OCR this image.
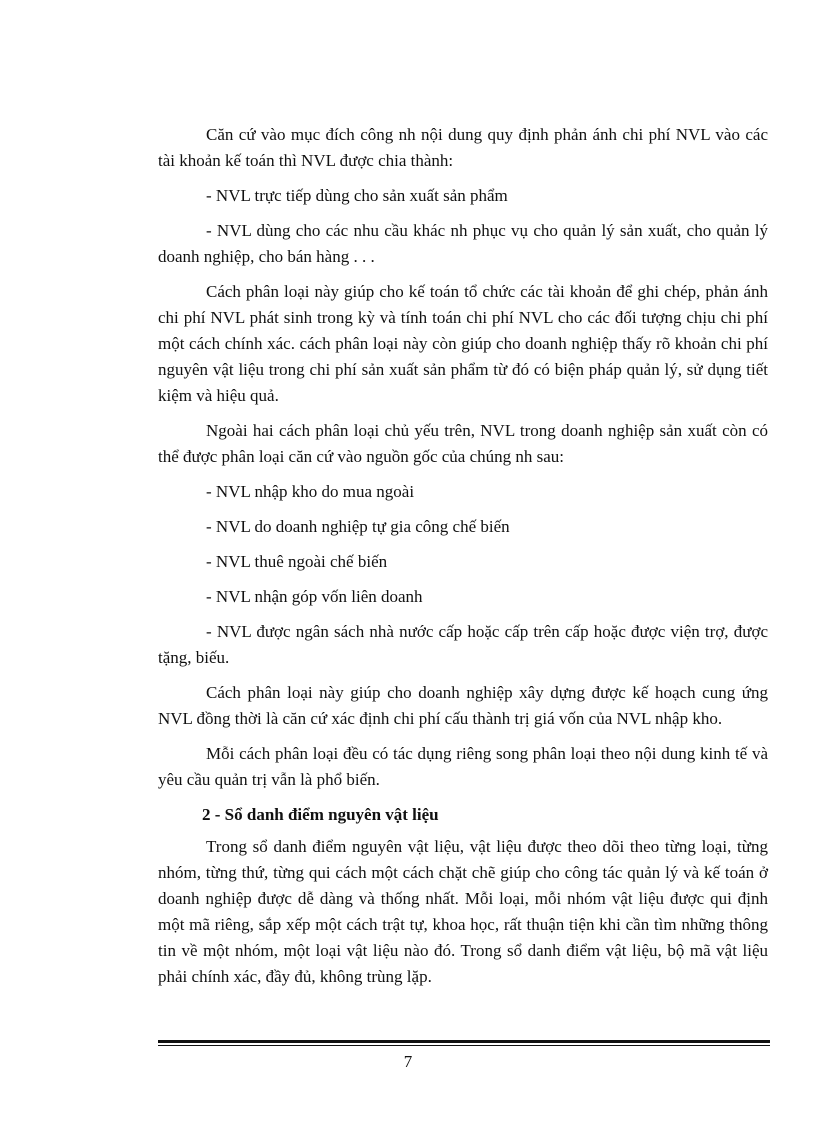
Căn cứ vào mục đích công nh nội dung quy định phản ánh chi phí NVL vào các tài khoản kế toán thì NVL được chia thành:

- NVL trực tiếp dùng cho sản xuất sản phẩm

- NVL dùng cho các nhu cầu khác nh phục vụ cho quản lý sản xuất, cho quản lý doanh nghiệp, cho bán hàng . . .

Cách phân loại này giúp cho kế toán tổ chức các tài khoản để ghi chép, phản ánh chi phí NVL phát sinh trong kỳ và tính toán chi phí NVL cho các đối tượng chịu chi phí một cách chính xác. cách phân loại này còn giúp cho doanh nghiệp thấy rõ khoản chi phí nguyên vật liệu trong chi phí sản xuất sản phẩm từ đó có biện pháp quản lý, sử dụng tiết kiệm và hiệu quả.

Ngoài hai cách phân loại chủ yếu trên, NVL trong doanh nghiệp sản xuất còn có thể được phân loại căn cứ vào nguồn gốc của chúng nh sau:

- NVL nhập kho do mua ngoài

- NVL do doanh nghiệp tự gia công chế biến

- NVL thuê ngoài chế biến

- NVL nhận góp vốn liên doanh

- NVL được ngân sách nhà nước cấp hoặc cấp trên cấp hoặc được viện trợ, được tặng, biếu.

Cách phân loại này giúp cho doanh nghiệp xây dựng được kế hoạch cung ứng NVL đồng thời là căn cứ xác định chi phí cấu thành trị giá vốn của NVL nhập kho.

Mỗi cách phân loại đều có tác dụng riêng song phân loại theo nội dung kinh tế và yêu cầu quản trị vẫn là phổ biến.

2 - Sổ danh điểm nguyên vật liệu

Trong sổ danh điểm nguyên vật liệu, vật liệu được theo dõi theo từng loại, từng nhóm, từng thứ, từng qui cách một cách chặt chẽ giúp cho công tác quản lý và kế toán ở doanh nghiệp được dễ dàng và thống nhất. Mỗi loại, mỗi nhóm vật liệu được qui định một mã riêng, sắp xếp một cách trật tự, khoa học, rất thuận tiện khi cần tìm những thông tin về một nhóm, một loại vật liệu nào đó. Trong sổ danh điểm vật liệu, bộ mã vật liệu phải chính xác, đầy đủ, không trùng lặp.

7
